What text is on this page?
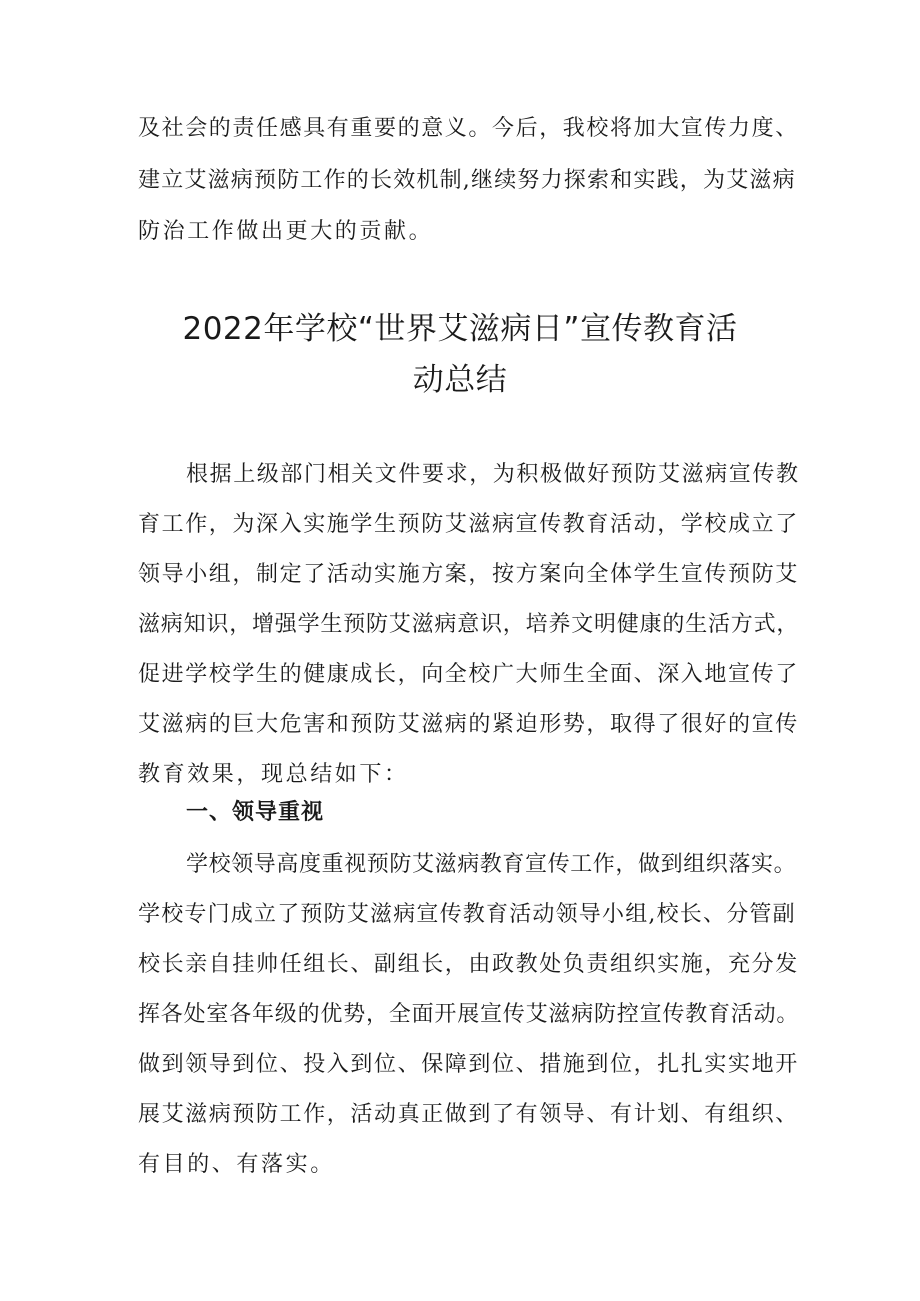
及社会的责任感具有重要的意义。今后，我校将加大宣传力度、
建立艾滋病预防工作的长效机制,继续努力探索和实践，为艾滋病
防治工作做出更大的贡献。
2022年学校“世界艾滋病日”宣传教育活
动总结
根据上级部门相关文件要求，为积极做好预防艾滋病宣传教
育工作，为深入实施学生预防艾滋病宣传教育活动，学校成立了
领导小组，制定了活动实施方案，按方案向全体学生宣传预防艾
滋病知识，增强学生预防艾滋病意识，培养文明健康的生活方式，
促进学校学生的健康成长，向全校广大师生全面、深入地宣传了
艾滋病的巨大危害和预防艾滋病的紧迫形势，取得了很好的宣传
教育效果，现总结如下：
一、领导重视
学校领导高度重视预防艾滋病教育宣传工作，做到组织落实。
学校专门成立了预防艾滋病宣传教育活动领导小组,校长、分管副
校长亲自挂帅任组长、副组长，由政教处负责组织实施，充分发
挥各处室各年级的优势，全面开展宣传艾滋病防控宣传教育活动。
做到领导到位、投入到位、保障到位、措施到位，扎扎实实地开
展艾滋病预防工作，活动真正做到了有领导、有计划、有组织、
有目的、有落实。
